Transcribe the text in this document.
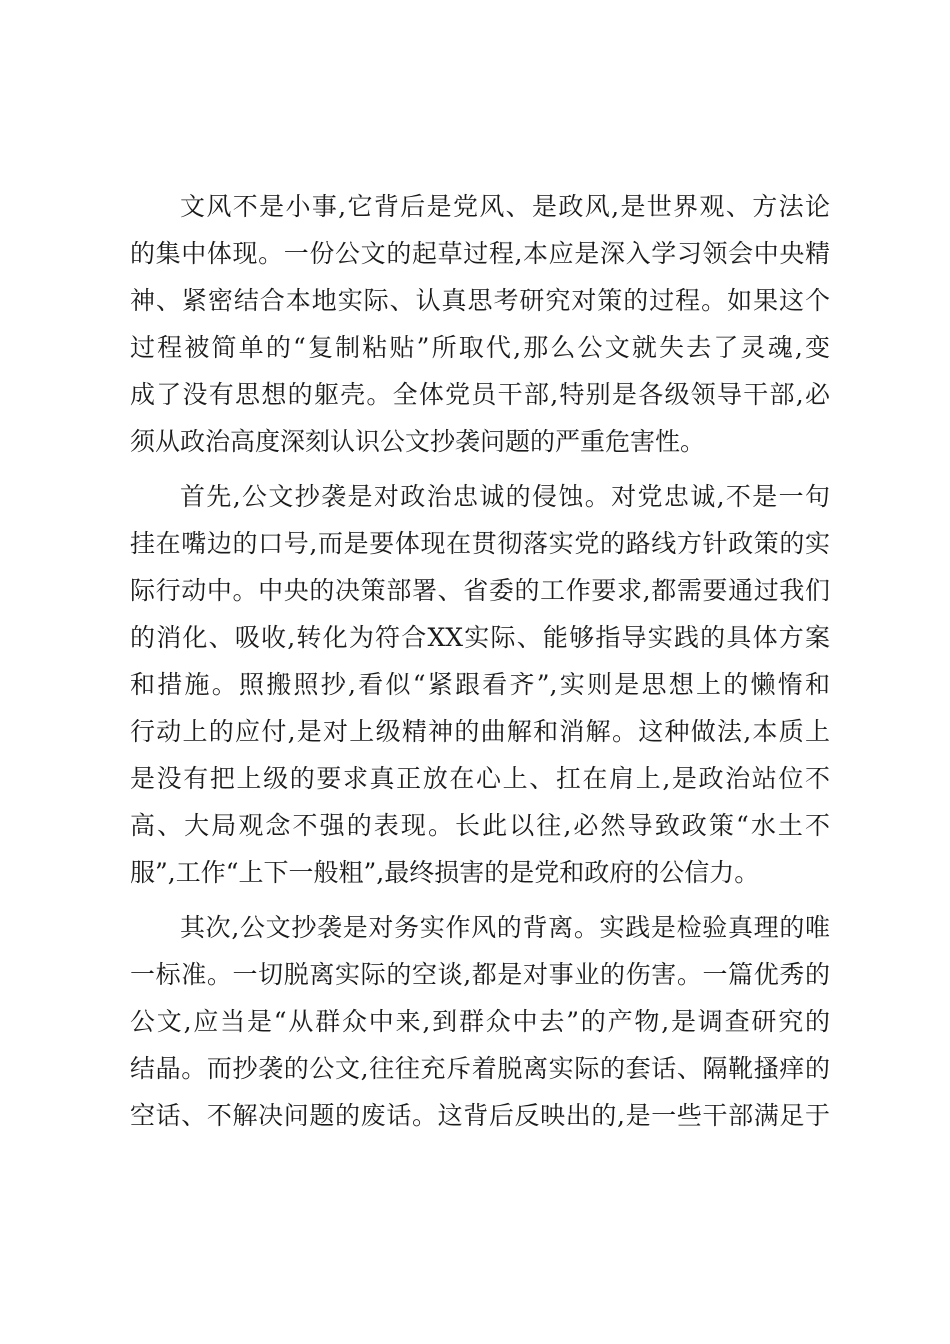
文风不是小事,它背后是党风、是政风,是世界观、方法论
的集中体现。一份公文的起草过程,本应是深入学习领会中央精
神、紧密结合本地实际、认真思考研究对策的过程。如果这个
过程被简单的“复制粘贴”所取代,那么公文就失去了灵魂,变
成了没有思想的躯壳。全体党员干部,特别是各级领导干部,必
须从政治高度深刻认识公文抄袭问题的严重危害性。
首先,公文抄袭是对政治忠诚的侵蚀。对党忠诚,不是一句
挂在嘴边的口号,而是要体现在贯彻落实党的路线方针政策的实
际行动中。中央的决策部署、省委的工作要求,都需要通过我们
的消化、吸收,转化为符合XX实际、能够指导实践的具体方案
和措施。照搬照抄,看似“紧跟看齐”,实则是思想上的懒惰和
行动上的应付,是对上级精神的曲解和消解。这种做法,本质上
是没有把上级的要求真正放在心上、扛在肩上,是政治站位不
高、大局观念不强的表现。长此以往,必然导致政策“水土不
服”,工作“上下一般粗”,最终损害的是党和政府的公信力。
其次,公文抄袭是对务实作风的背离。实践是检验真理的唯
一标准。一切脱离实际的空谈,都是对事业的伤害。一篇优秀的
公文,应当是“从群众中来,到群众中去”的产物,是调查研究的
结晶。而抄袭的公文,往往充斥着脱离实际的套话、隔靴搔痒的
空话、不解决问题的废话。这背后反映出的,是一些干部满足于
